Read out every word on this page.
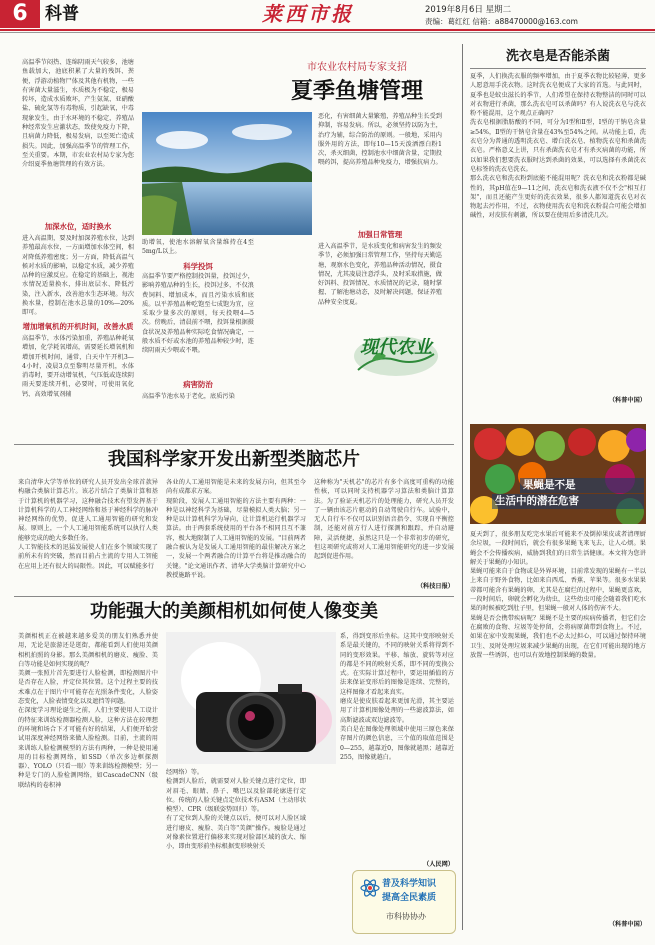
6	科普	莱西市报	2019年8月6日 星期二
责编：葛红红 信箱：a88470000@163.com
市农业农村局专家支招
夏季鱼塘管理
高温季节闷热、连绵阴雨天气较多，池塘鱼载加大，池底积累了大量的残饵、粪便，浮游动植物尸体及其他有机物，一些有害菌大量滋生，水质极为不稳定，极易转坏，造成水质败坏，产生氨氮、亚硝酸盐、硫化氢等有毒物质，引起缺氧，中毒现象发生，由于水环境的不稳定，养殖品种经常发生应激状态，致使免疫力下降，且病菌力降低，极易发病，以至死亡造成损失。因此，加强高温季节的管理工作，至关重要。本期，市农业农村局专家为您介绍夏季鱼塘管理的有效方法。
加深水位，适时换水
进入高温期，要及时加深养殖水位，达到养殖最高水位，一方面增加水体空间，相对降低养殖密度；另一方面，降低高温气候对水质的影响，以稳定水质，减少养殖品种的应激反应。在稳定的基础上，视池水情况适量换水，排出底层水、降低污染，注入新水，改善池水生态环境。每次换水量，控制在池水总量的10%—20%即可。
增加增氧机的开机时间，改善水质
高温季节，水体污染加重，养殖品种耗氧增加，化学耗氧增高，需要延长增氧机和增加开机时间，通常，白天中午开机3—4小时，凌晨3点至黎明尽量开机，水体消毒时，要开动增氧机，气压低或连续阴雨天要连续开机，必要时，可使用氧化钙、高效增氧剂辅
助增氧，使池水溶解氧含量维持在4至5mg/L以上。
科学投饵
高温季节要严格控制投饵量，投饵过少，影响养殖品种的生长，投饵过多，不仅浪费饲料、增加成本，而且污染水质和底质。以平养殖品种吃饱至七成饱为宜，应采取少量多次的原则，每天投喂4—5次。傍晚后，清晨前不喂，投饵量根据摄食状况及养殖品种实际吃食情况确定，一般水质不好或水池的养殖品种较少时，连续阴雨天少喂或不喂。
病害防治
高温季节池水易于老化，底质污染
恶化，有害细菌大量繁殖，养殖品种生长受到抑制，容易发病。所以，必须坚持以防为主，治疗为辅，综合防治的原则。一般地，采用内服外用的方法，即每10—15天泼洒漂白粉1次，杀灭细菌，控制池水中细菌含量，定期投喂药饵，提高养殖品种免疫力，增强抗病力。
加强日常管理
进入高温季节，是水质变化和病害发生的频发季节，必须加强日常管理工作，坚持每天勤巡塘，观察水色变化，养殖品种活动情况，摄食情况，尤其凌晨注意浮头，及时采取措施，做好饵料、投饵情况、水质情况的记录，随时掌握、了解池塘动态，及时解决问题，保证养殖品种安全度夏。
现代农业
我国科学家开发出新型类脑芯片
来自清华大学等单位的研究人员开发出全球首款异构融合类脑计算芯片。该芯片结合了类脑计算和基于计算机的机器学习，这种融合技术有望发挥基于计算机科学的人工神经网络和基于神经科学的脉冲神经网络的优势，促进人工通用智能的研究和发展。原则上，一个人工通用智能系统可以执行人类能够完成的绝大多数任务。
人工智能技术的迅猛发展使人们在多个领域实现了前所未有的突破，然而目前占主流的专用人工智能在应用上还有很大的局限性。因此，可以赋能多行
各业的人工通用智能是未来的发展方向，但其至今尚有成都求方案。
现阶段，发展人工通用智能的方法主要有两种：一种是以神经科学为基础，尽量模拟人类大脑；另一种是以计算机科学为导向，让计算机运行机器学习算法。由于两套系统使用的平台各不相同且互不兼容，极大地限制了人工通用智能的发展。"目前两者融合被认为是发展人工通用智能的最佳解决方案之一，发展一个两者融合的计算平台将是推动融合的关键。"论文通讯作者、清华大学类脑计算研究中心教授施路平说。
这种称为"天机芯"的芯片有多个高度可重构的功能性核，可以同时支持机器学习算法和类脑计算算法。为了验证天机芯片的处理能力，研究人员开发了一辆由该芯片驱动的自动驾驶自行车。试验中，无人自行车不仅可以识别语音指令、实现自平衡控制，还能对前方行人进行探测和跟踪，并自动避障，灵活便捷，虽然这只是一个非常初步的研究，但这项研究或将对人工通用智能研究的进一步发展起到促进作用。
（科技日报）
功能强大的美颜相机如何使人像变美
美颜相机正在被越来越多爱美的朋友们熟悉并使用，无论是旅游还是逛街，都能看到人们使用美颜相机拍照的身影。那么美颜相机的磨皮、瘦脸、美白等功能是如何实现的呢？
美颜一张照片首先要进行人脸检测，即检测图片中是否存在人脸，并定位其位置。这个过程主要的技术难点在于图片中可能存在光照条件变化，人脸姿态变化，人脸表情变化以及遮挡等问题。
在深度学习理论诞生之前，人们主要使用人工设计的特征来训练检测器检测人脸，这种方法在较理想的环境和场合下才可能有好的结果，人们便开始尝试用深度神经网络来做人脸检测。目前，主流的用来训练人脸检测模型的方法有两种，一种是使用通用的目标检测网络，如SSD（单次多边框探测器）、YOLO（只看一眼）等来训练检测模型；另一种是专门的人脸检测网络，如CascadeCNN（级联结构的卷积神
经网络）等。
检测到人脸后，就需要对人脸关键点进行定位，即对眉毛、眼睛、鼻子、嘴巴以及脸部轮廓进行定位。传统的人脸关键点定位技术有ASM（主动形状模型）、CPR（级联姿势回归）等。
有了定位到人脸的关键点以后，便可以对人脸区域进行磨皮、瘦脸、美白等"美颜"操作。瘦脸是通过对像素位置进行偏移来实现对脸部区域的放大、缩小，即由变形前坐标根据变形映射关
系，得到变形后坐标。这其中变形映射关系是最关键的，不同的映射关系将得到不同的变形效果。平移、缩放、旋转等对应的都是不同的映射关系，即不同的变换公式。在实际计算过程中，要运用插值的方法来保证变形后的图像是连续、完整的，这样图像才看起来真实。
磨皮是使皮肤看起来更加光滑，其主要运用了计算机图像处理的一些滤波算法，如高斯滤波或双边滤波等。
美白是在图像处理领域中使用三原色来保存图片的颜色信息，三个值的取值范围是0—255，越靠近0，图像就越黑；越靠近255，图像就越白。
（人民网）
普及科学知识
提高全民素质
市科协协办
洗衣皂是否能杀菌
夏季，人们换洗衣服的频率增加，由于夏季衣物比较轻薄，更多人愿意用手洗衣物。这时洗衣皂便成了大家的首选。与此同时，夏季也是蚊虫滋长的季节，人们希望在保持衣物整洁的同时可以对衣物进行杀菌，那么洗衣皂可以杀菌吗？有人说洗衣皂与洗衣粉不能混用，这个观点正确吗？
洗衣皂根据脂肪酸的不同，可分为Ⅰ型和Ⅱ型，Ⅰ型的干钠皂含量≥54%，Ⅱ型的干钠皂含量在43%至54%之间。从功能上看，洗衣皂分为普通的透明洗衣皂、增白洗衣皂、植物洗衣皂和杀菌洗衣皂。严格意义上讲，只有杀菌洗衣皂才有杀灭病菌的功能，所以如果我们想要洗衣服时达到杀菌的效果，可以选择有杀菌洗衣皂标签的洗衣皂洗衣。
那么洗衣皂和洗衣粉到底能不能混用呢？洗衣皂和洗衣粉都是碱性的，其pH值在9—11之间，洗衣皂和洗衣液不仅不会"相互打架"，而且还能产生更好的洗衣效果，很多人都知道洗衣皂对衣物起去污作用，不过，衣物使用洗衣皂和洗衣粉混合可能会增加碱性，对皮肤有刺激，所以要在使用后多清洗几次。
（科普中国）
果蝇是不是
生活中的潜在危害
夏天到了，很多朋友吃完水果后可能来不及倒掉果皮或者清理厨余垃圾，一段时间后，就会有很多果蝇飞来飞去，让人心烦。果蝇会不会传播疾病，威胁到我们的日常生活健康。本文将为您讲解关于果蝇的小知识。
果蝇可能来自于食物或是外界环境，目前常发现的果蝇有一半以上来自于野外食物，比如来自西瓜、香蕉、苹果等。很多水果果蒂都可能含有果蝇的卵，尤其是在腐烂的过程中，果蝇更喜欢，一段时间后，卵就会孵化为幼虫，这些幼虫可能会随着我们吃水果的时候被吃到肚子里，但果蝇一般对人体的伤害不大。
果蝇是否会携带疾病呢？果蝇不是主要的疾病传播者，但它们会在腐败的食物、垃圾等处停留，会将病原菌带到食物上。不过，如果在家中发现果蝇，我们也不必太过担心，可以通过保持环境卫生、及时处理垃圾来减少果蝇的出现，在它们可能出现的地方放置一些诱饵，也可以有效地控制果蝇的数量。
（科普中国）
